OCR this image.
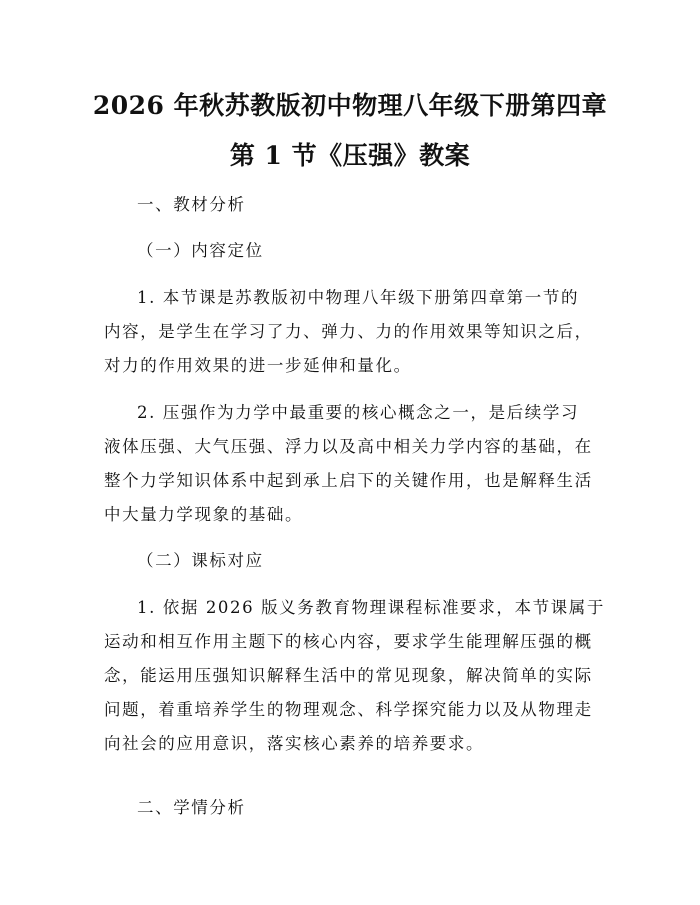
2026 年秋苏教版初中物理八年级下册第四章
第 1 节《压强》教案
一、教材分析
（一）内容定位
1. 本节课是苏教版初中物理八年级下册第四章第一节的
内容，是学生在学习了力、弹力、力的作用效果等知识之后，
对力的作用效果的进一步延伸和量化。
2. 压强作为力学中最重要的核心概念之一，是后续学习
液体压强、大气压强、浮力以及高中相关力学内容的基础，在
整个力学知识体系中起到承上启下的关键作用，也是解释生活
中大量力学现象的基础。
（二）课标对应
1. 依据 2026 版义务教育物理课程标准要求，本节课属于
运动和相互作用主题下的核心内容，要求学生能理解压强的概
念，能运用压强知识解释生活中的常见现象，解决简单的实际
问题，着重培养学生的物理观念、科学探究能力以及从物理走
向社会的应用意识，落实核心素养的培养要求。
二、学情分析
